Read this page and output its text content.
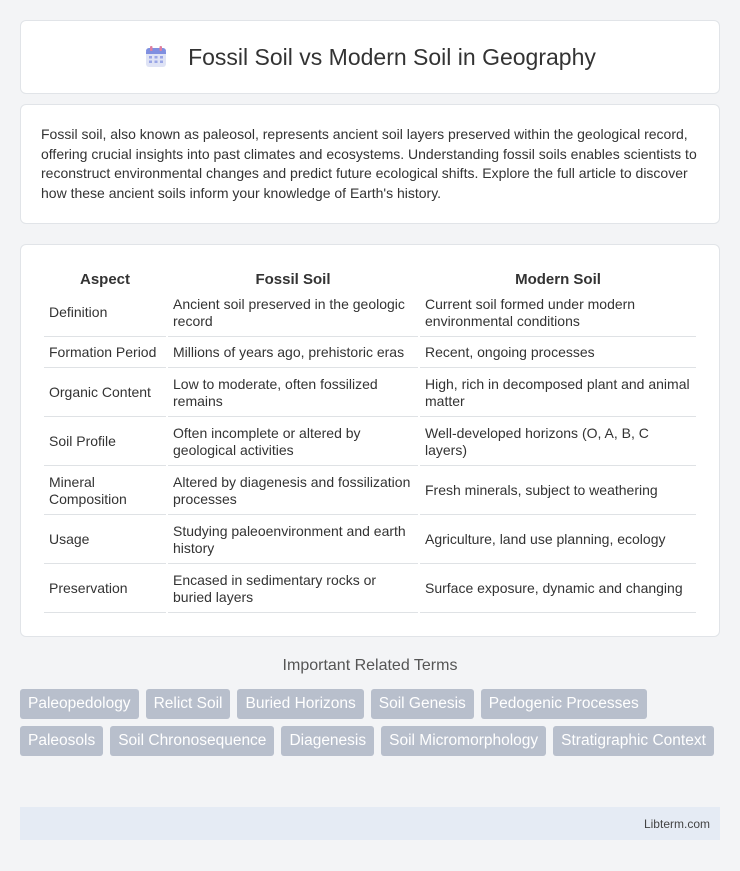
Fossil Soil vs Modern Soil in Geography

Fossil soil, also known as paleosol, represents ancient soil layers preserved within the geological record, offering crucial insights into past climates and ecosystems. Understanding fossil soils enables scientists to reconstruct environmental changes and predict future ecological shifts. Explore the full article to discover how these ancient soils inform your knowledge of Earth's history.

Aspect	Fossil Soil	Modern Soil
Definition	Ancient soil preserved in the geologic record	Current soil formed under modern environmental conditions
Formation Period	Millions of years ago, prehistoric eras	Recent, ongoing processes
Organic Content	Low to moderate, often fossilized remains	High, rich in decomposed plant and animal matter
Soil Profile	Often incomplete or altered by geological activities	Well-developed horizons (O, A, B, C layers)
Mineral Composition	Altered by diagenesis and fossilization processes	Fresh minerals, subject to weathering
Usage	Studying paleoenvironment and earth history	Agriculture, land use planning, ecology
Preservation	Encased in sedimentary rocks or buried layers	Surface exposure, dynamic and changing
Important Related Terms
Paleopedology	Relict Soil	Buried Horizons	Soil Genesis	Pedogenic Processes
Paleosols	Soil Chronosequence	Diagenesis	Soil Micromorphology	Stratigraphic Context
Libterm.com
